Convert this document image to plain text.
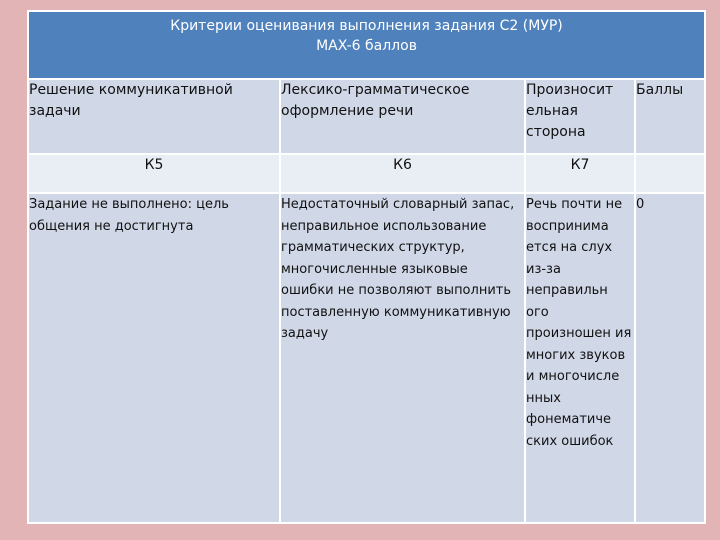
Критерии оценивания выполнения задания С2 (МУР)
MAX-6 баллов			

Решение коммуникативной задачи	Лексико-грамматическое оформление речи	Произносит ельная сторона	Баллы
К5	К6	К7	
Задание не выполнено: цель общения не достигнута	Недостаточный словарный запас, неправильное использование грамматических структур, многочисленные языковые ошибки не позволяют выполнить поставленную коммуникативную задачу	Речь почти не воспринима ется на слух из-за неправильн ого произношен ия многих звуков и многочисле нных фонематиче ских ошибок	0
